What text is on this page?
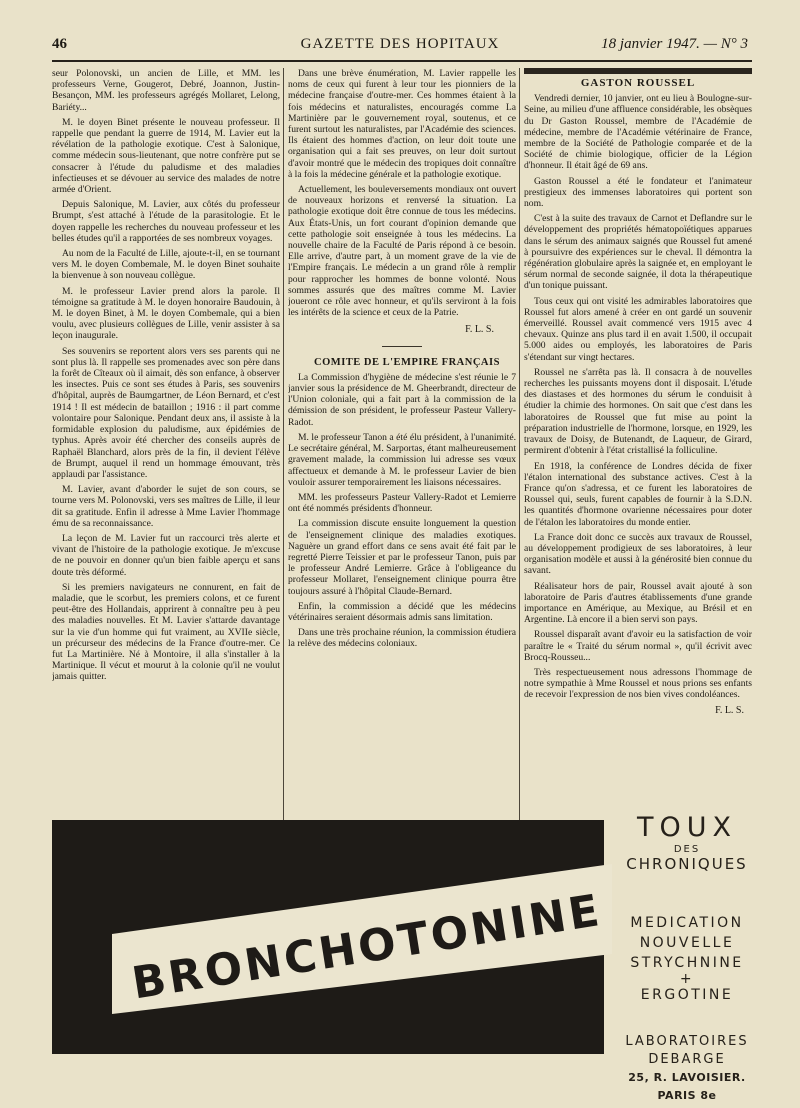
46	GAZETTE DES HOPITAUX	18 janvier 1947. — N° 3

seur Polonovski, un ancien de Lille, et MM. les professeurs Verne, Gougerot, Debré, Joannon, Justin-Besançon, MM. les professeurs agrégés Mollaret, Lelong, Bariéty...

M. le doyen Binet présente le nouveau professeur. Il rappelle que pendant la guerre de 1914, M. Lavier eut la révélation de la pathologie exotique. C'est à Salonique, comme médecin sous-lieutenant, que notre confrère put se consacrer à l'étude du paludisme et des maladies infectieuses et se dévouer au service des malades de notre armée d'Orient.

Depuis Salonique, M. Lavier, aux côtés du professeur Brumpt, s'est attaché à l'étude de la parasitologie. Et le doyen rappelle les recherches du nouveau professeur et les belles études qu'il a rapportées de ses nombreux voyages.

Au nom de la Faculté de Lille, ajoute-t-il, en se tournant vers M. le doyen Combemale, M. le doyen Binet souhaite la bienvenue à son nouveau collègue.

M. le professeur Lavier prend alors la parole. Il témoigne sa gratitude à M. le doyen honoraire Baudouin, à M. le doyen Binet, à M. le doyen Combemale, qui a bien voulu, avec plusieurs collègues de Lille, venir assister à sa leçon inaugurale.

Ses souvenirs se reportent alors vers ses parents qui ne sont plus là. Il rappelle ses promenades avec son père dans la forêt de Cîteaux où il aimait, dès son enfance, à observer les insectes. Puis ce sont ses études à Paris, ses souvenirs d'hôpital, auprès de Baumgartner, de Léon Bernard, et c'est 1914 ! Il est médecin de bataillon ; 1916 : il part comme volontaire pour Salonique. Pendant deux ans, il assiste à la formidable explosion du paludisme, aux épidémies de typhus. Après avoir été chercher des conseils auprès de Raphaël Blanchard, alors près de la fin, il devient l'élève de Brumpt, auquel il rend un hommage émouvant, très applaudi par l'assistance.

M. Lavier, avant d'aborder le sujet de son cours, se tourne vers M. Polonovski, vers ses maîtres de Lille, il leur dit sa gratitude. Enfin il adresse à Mme Lavier l'hommage ému de sa reconnaissance.

La leçon de M. Lavier fut un raccourci très alerte et vivant de l'histoire de la pathologie exotique. Je m'excuse de ne pouvoir en donner qu'un bien faible aperçu et sans doute très déformé.

Si les premiers navigateurs ne connurent, en fait de maladie, que le scorbut, les premiers colons, et ce furent peut-être des Hollandais, apprirent à connaître peu à peu des maladies nouvelles. Et M. Lavier s'attarde davantage sur la vie d'un homme qui fut vraiment, au XVIIe siècle, un précurseur des médecins de la France d'outre-mer. Ce fut La Martinière. Né à Montoire, il alla s'installer à la Martinique. Il vécut et mourut à la colonie qu'il ne voulut jamais quitter.

Dans une brève énumération, M. Lavier rappelle les noms de ceux qui furent à leur tour les pionniers de la médecine française d'outre-mer. Ces hommes étaient à la fois médecins et naturalistes, encouragés comme La Martinière par le gouvernement royal, soutenus, et ce furent surtout les naturalistes, par l'Académie des sciences. Ils étaient des hommes d'action, on leur doit toute une organisation qui a fait ses preuves, on leur doit surtout d'avoir montré que le médecin des tropiques doit connaître à la fois la médecine générale et la pathologie exotique.

Actuellement, les bouleversements mondiaux ont ouvert de nouveaux horizons et renversé la situation. La pathologie exotique doit être connue de tous les médecins. Aux États-Unis, un fort courant d'opinion demande que cette pathologie soit enseignée à tous les médecins. La nouvelle chaire de la Faculté de Paris répond à ce besoin. Elle arrive, d'autre part, à un moment grave de la vie de l'Empire français. Le médecin a un grand rôle à remplir pour rapprocher les hommes de bonne volonté. Nous sommes assurés que des maîtres comme M. Lavier joueront ce rôle avec honneur, et qu'ils serviront à la fois les intérêts de la science et ceux de la Patrie.

F. L. S.

COMITE DE L'EMPIRE FRANÇAIS

La Commission d'hygiène de médecine s'est réunie le 7 janvier sous la présidence de M. Gheerbrandt, directeur de l'Union coloniale, qui a fait part à la commission de la démission de son président, le professeur Pasteur Vallery-Radot.

M. le professeur Tanon a été élu président, à l'unanimité. Le secrétaire général, M. Sarportas, étant malheureusement gravement malade, la commission lui adresse ses vœux affectueux et demande à M. le professeur Lavier de bien vouloir assurer temporairement les liaisons nécessaires.

MM. les professeurs Pasteur Vallery-Radot et Lemierre ont été nommés présidents d'honneur.

La commission discute ensuite longuement la question de l'enseignement clinique des maladies exotiques. Naguère un grand effort dans ce sens avait été fait par le regretté Pierre Teissier et par le professeur Tanon, puis par le professeur André Lemierre. Grâce à l'obligeance du professeur Mollaret, l'enseignement clinique pourra être toujours assuré à l'hôpital Claude-Bernard.

Enfin, la commission a décidé que les médecins vétérinaires seraient désormais admis sans limitation.

Dans une très prochaine réunion, la commission étudiera la relève des médecins coloniaux.

GASTON ROUSSEL

Vendredi dernier, 10 janvier, ont eu lieu à Boulogne-sur-Seine, au milieu d'une affluence considérable, les obsèques du Dr Gaston Roussel, membre de l'Académie de médecine, membre de l'Académie vétérinaire de France, membre de la Société de Pathologie comparée et de la Société de chimie biologique, officier de la Légion d'honneur. Il était âgé de 69 ans.

Gaston Roussel a été le fondateur et l'animateur prestigieux des immenses laboratoires qui portent son nom.

C'est à la suite des travaux de Carnot et Deflandre sur le développement des propriétés hématopoïétiques apparues dans le sérum des animaux saignés que Roussel fut amené à poursuivre des expériences sur le cheval. Il démontra la régénération globulaire après la saignée et, en employant le sérum normal de seconde saignée, il dota la thérapeutique d'un tonique puissant.

Tous ceux qui ont visité les admirables laboratoires que Roussel fut alors amené à créer en ont gardé un souvenir émerveillé. Roussel avait commencé vers 1915 avec 4 chevaux. Quinze ans plus tard il en avait 1.500, il occupait 5.000 aides ou employés, les laboratoires de Paris s'étendant sur vingt hectares.

Roussel ne s'arrêta pas là. Il consacra à de nouvelles recherches les puissants moyens dont il disposait. L'étude des diastases et des hormones du sérum le conduisit à étudier la chimie des hormones. On sait que c'est dans les laboratoires de Roussel que fut mise au point la préparation industrielle de l'hormone, lorsque, en 1929, les travaux de Doisy, de Butenandt, de Laqueur, de Girard, permirent d'obtenir à l'état cristallisé la folliculine.

En 1918, la conférence de Londres décida de fixer l'étalon international des substance actives. C'est à la France qu'on s'adressa, et ce furent les laboratoires de Roussel qui, seuls, furent capables de fournir à la S.D.N. les quantités d'hormone ovarienne nécessaires pour doter de l'étalon les laboratoires du monde entier.

La France doit donc ce succès aux travaux de Roussel, au développement prodigieux de ses laboratoires, à leur organisation modèle et aussi à la générosité bien connue du savant.

Réalisateur hors de pair, Roussel avait ajouté à son laboratoire de Paris d'autres établissements d'une grande importance en Amérique, au Mexique, au Brésil et en Argentine. Là encore il a bien servi son pays.

Roussel disparaît avant d'avoir eu la satisfaction de voir paraître le « Traité du sérum normal », qu'il écrivit avec Brocq-Rousseu...

Très respectueusement nous adressons l'hommage de notre sympathie à Mme Roussel et nous prions ses enfants de recevoir l'expression de nos bien vives condoléances.

F. L. S.
BRONCHOTONINE
TOUX
DES
CHRONIQUES
MEDICATION
NOUVELLE
STRYCHNINE
+
ERGOTINE
LABORATOIRES
DEBARGE
25, R. LAVOISIER. PARIS 8e
